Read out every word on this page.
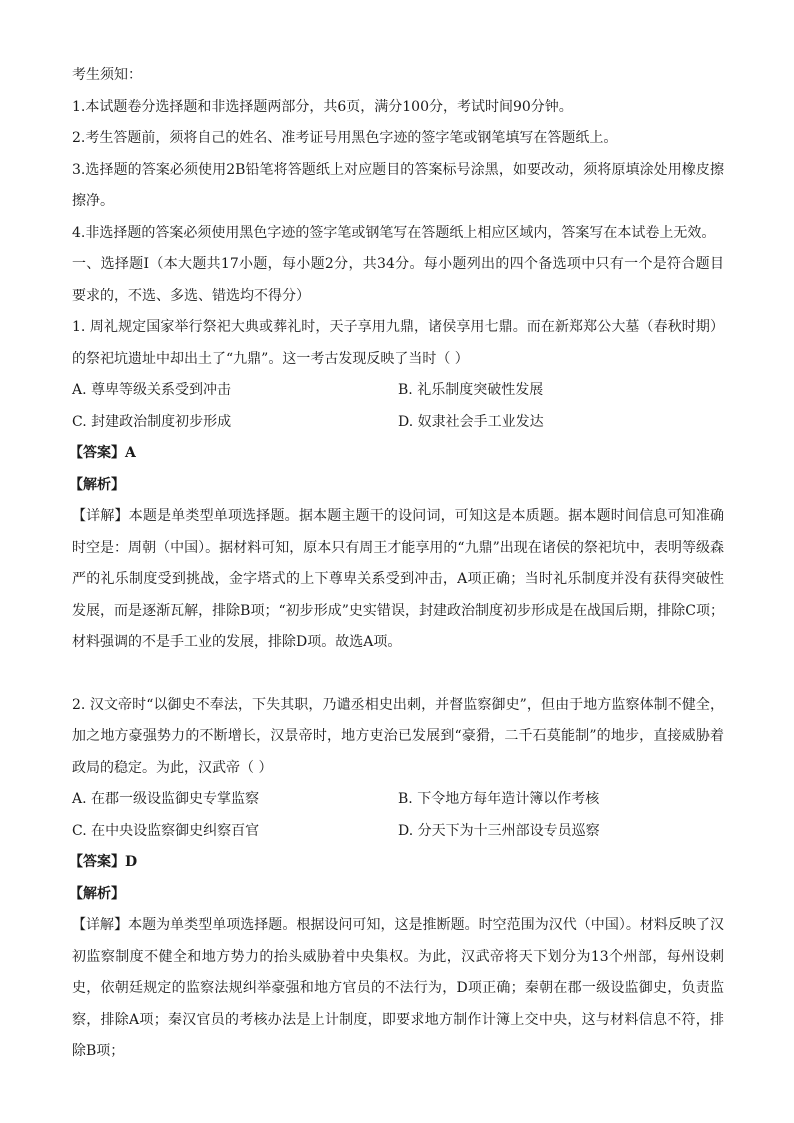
考生须知：

1.本试题卷分选择题和非选择题两部分，共6页，满分100分，考试时间90分钟。

2.考生答题前，须将自己的姓名、准考证号用黑色字迹的签字笔或钢笔填写在答题纸上。

3.选择题的答案必须使用2B铅笔将答题纸上对应题目的答案标号涂黑，如要改动，须将原填涂处用橡皮擦擦净。

4.非选择题的答案必须使用黑色字迹的签字笔或钢笔写在答题纸上相应区域内，答案写在本试卷上无效。

一、选择题Ⅰ（本大题共17小题，每小题2分，共34分。每小题列出的四个备选项中只有一个是符合题目要求的，不选、多选、错选均不得分）

1. 周礼规定国家举行祭祀大典或葬礼时，天子享用九鼎，诸侯享用七鼎。而在新郑郑公大墓（春秋时期）的祭祀坑遗址中却出土了“九鼎”。这一考古发现反映了当时（ ）

A. 尊卑等级关系受到冲击	B. 礼乐制度突破性发展
C. 封建政治制度初步形成	D. 奴隶社会手工业发达

【答案】A

【解析】

【详解】本题是单类型单项选择题。据本题主题干的设问词，可知这是本质题。据本题时间信息可知准确时空是：周朝（中国）。据材料可知，原本只有周王才能享用的“九鼎”出现在诸侯的祭祀坑中，表明等级森严的礼乐制度受到挑战，金字塔式的上下尊卑关系受到冲击，A项正确；当时礼乐制度并没有获得突破性发展，而是逐渐瓦解，排除B项；“初步形成”史实错误，封建政治制度初步形成是在战国后期，排除C项；材料强调的不是手工业的发展，排除D项。故选A项。

2. 汉文帝时“以御史不奉法，下失其职，乃谴丞相史出刺，并督监察御史”，但由于地方监察体制不健全，加之地方豪强势力的不断增长，汉景帝时，地方吏治已发展到“豪猾，二千石莫能制”的地步，直接威胁着政局的稳定。为此，汉武帝（ ）

A. 在郡一级设监御史专掌监察	B. 下令地方每年造计簿以作考核
C. 在中央设监察御史纠察百官	D. 分天下为十三州部设专员巡察

【答案】D

【解析】

【详解】本题为单类型单项选择题。根据设问可知，这是推断题。时空范围为汉代（中国）。材料反映了汉初监察制度不健全和地方势力的抬头威胁着中央集权。为此，汉武帝将天下划分为13个州部，每州设刺史，依朝廷规定的监察法规纠举豪强和地方官员的不法行为，D项正确；秦朝在郡一级设监御史，负责监察，排除A项；秦汉官员的考核办法是上计制度，即要求地方制作计簿上交中央，这与材料信息不符，排除B项；
